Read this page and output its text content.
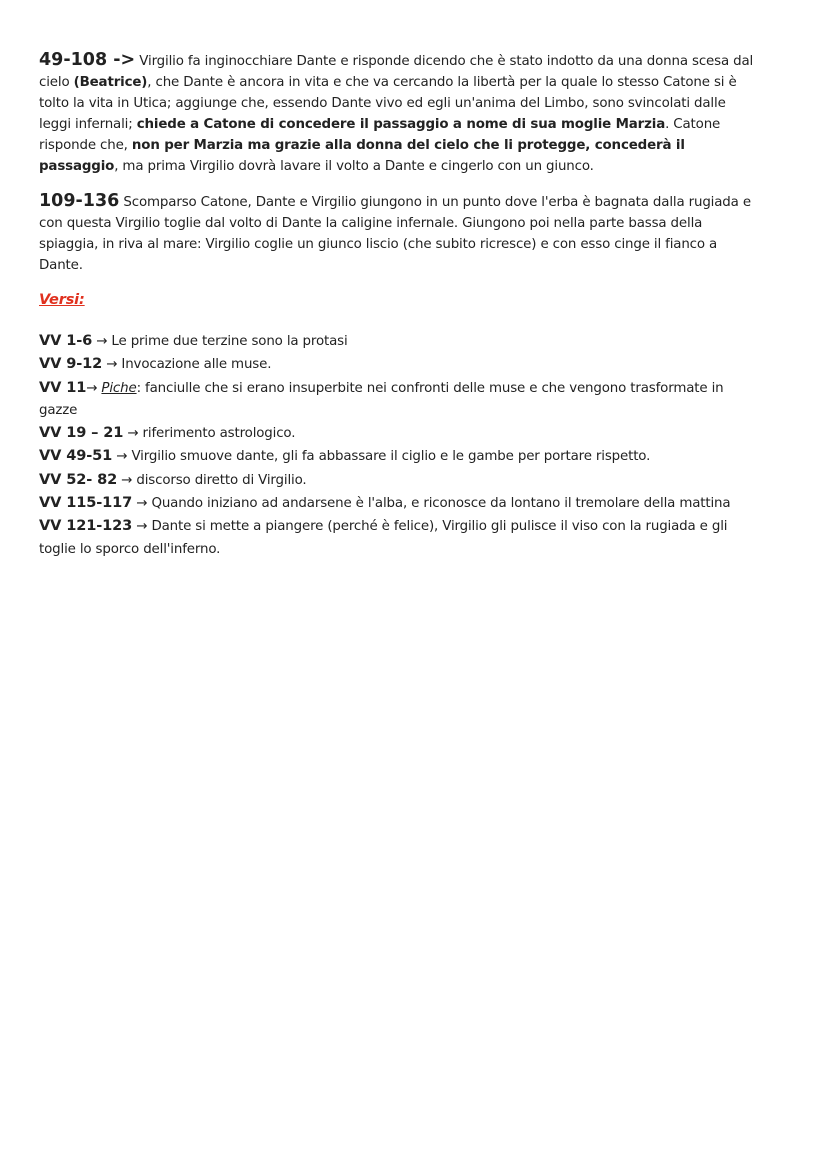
49-108 -> Virgilio fa inginocchiare Dante e risponde dicendo che è stato indotto da una donna scesa dal cielo (Beatrice), che Dante è ancora in vita e che va cercando la libertà per la quale lo stesso Catone si è tolto la vita in Utica; aggiunge che, essendo Dante vivo ed egli un'anima del Limbo, sono svincolati dalle leggi infernali; chiede a Catone di concedere il passaggio a nome di sua moglie Marzia. Catone risponde che, non per Marzia ma grazie alla donna del cielo che li protegge, concederà il passaggio, ma prima Virgilio dovrà lavare il volto a Dante e cingerlo con un giunco.

109-136 Scomparso Catone, Dante e Virgilio giungono in un punto dove l'erba è bagnata dalla rugiada e con questa Virgilio toglie dal volto di Dante la caligine infernale. Giungono poi nella parte bassa della spiaggia, in riva al mare: Virgilio coglie un giunco liscio (che subito ricresce) e con esso cinge il fianco a Dante.

Versi:

VV 1-6 → Le prime due terzine sono la protasi

VV 9-12 → Invocazione alle muse.

VV 11→ Piche: fanciulle che si erano insuperbite nei confronti delle muse e che vengono trasformate in gazze

VV 19 – 21 → riferimento astrologico.

VV 49-51 → Virgilio smuove dante, gli fa abbassare il ciglio e le gambe per portare rispetto.

VV 52- 82 → discorso diretto di Virgilio.

VV 115-117 → Quando iniziano ad andarsene è l'alba, e riconosce da lontano il tremolare della mattina

VV 121-123 → Dante si mette a piangere (perché è felice), Virgilio gli pulisce il viso con la rugiada e gli toglie lo sporco dell'inferno.
